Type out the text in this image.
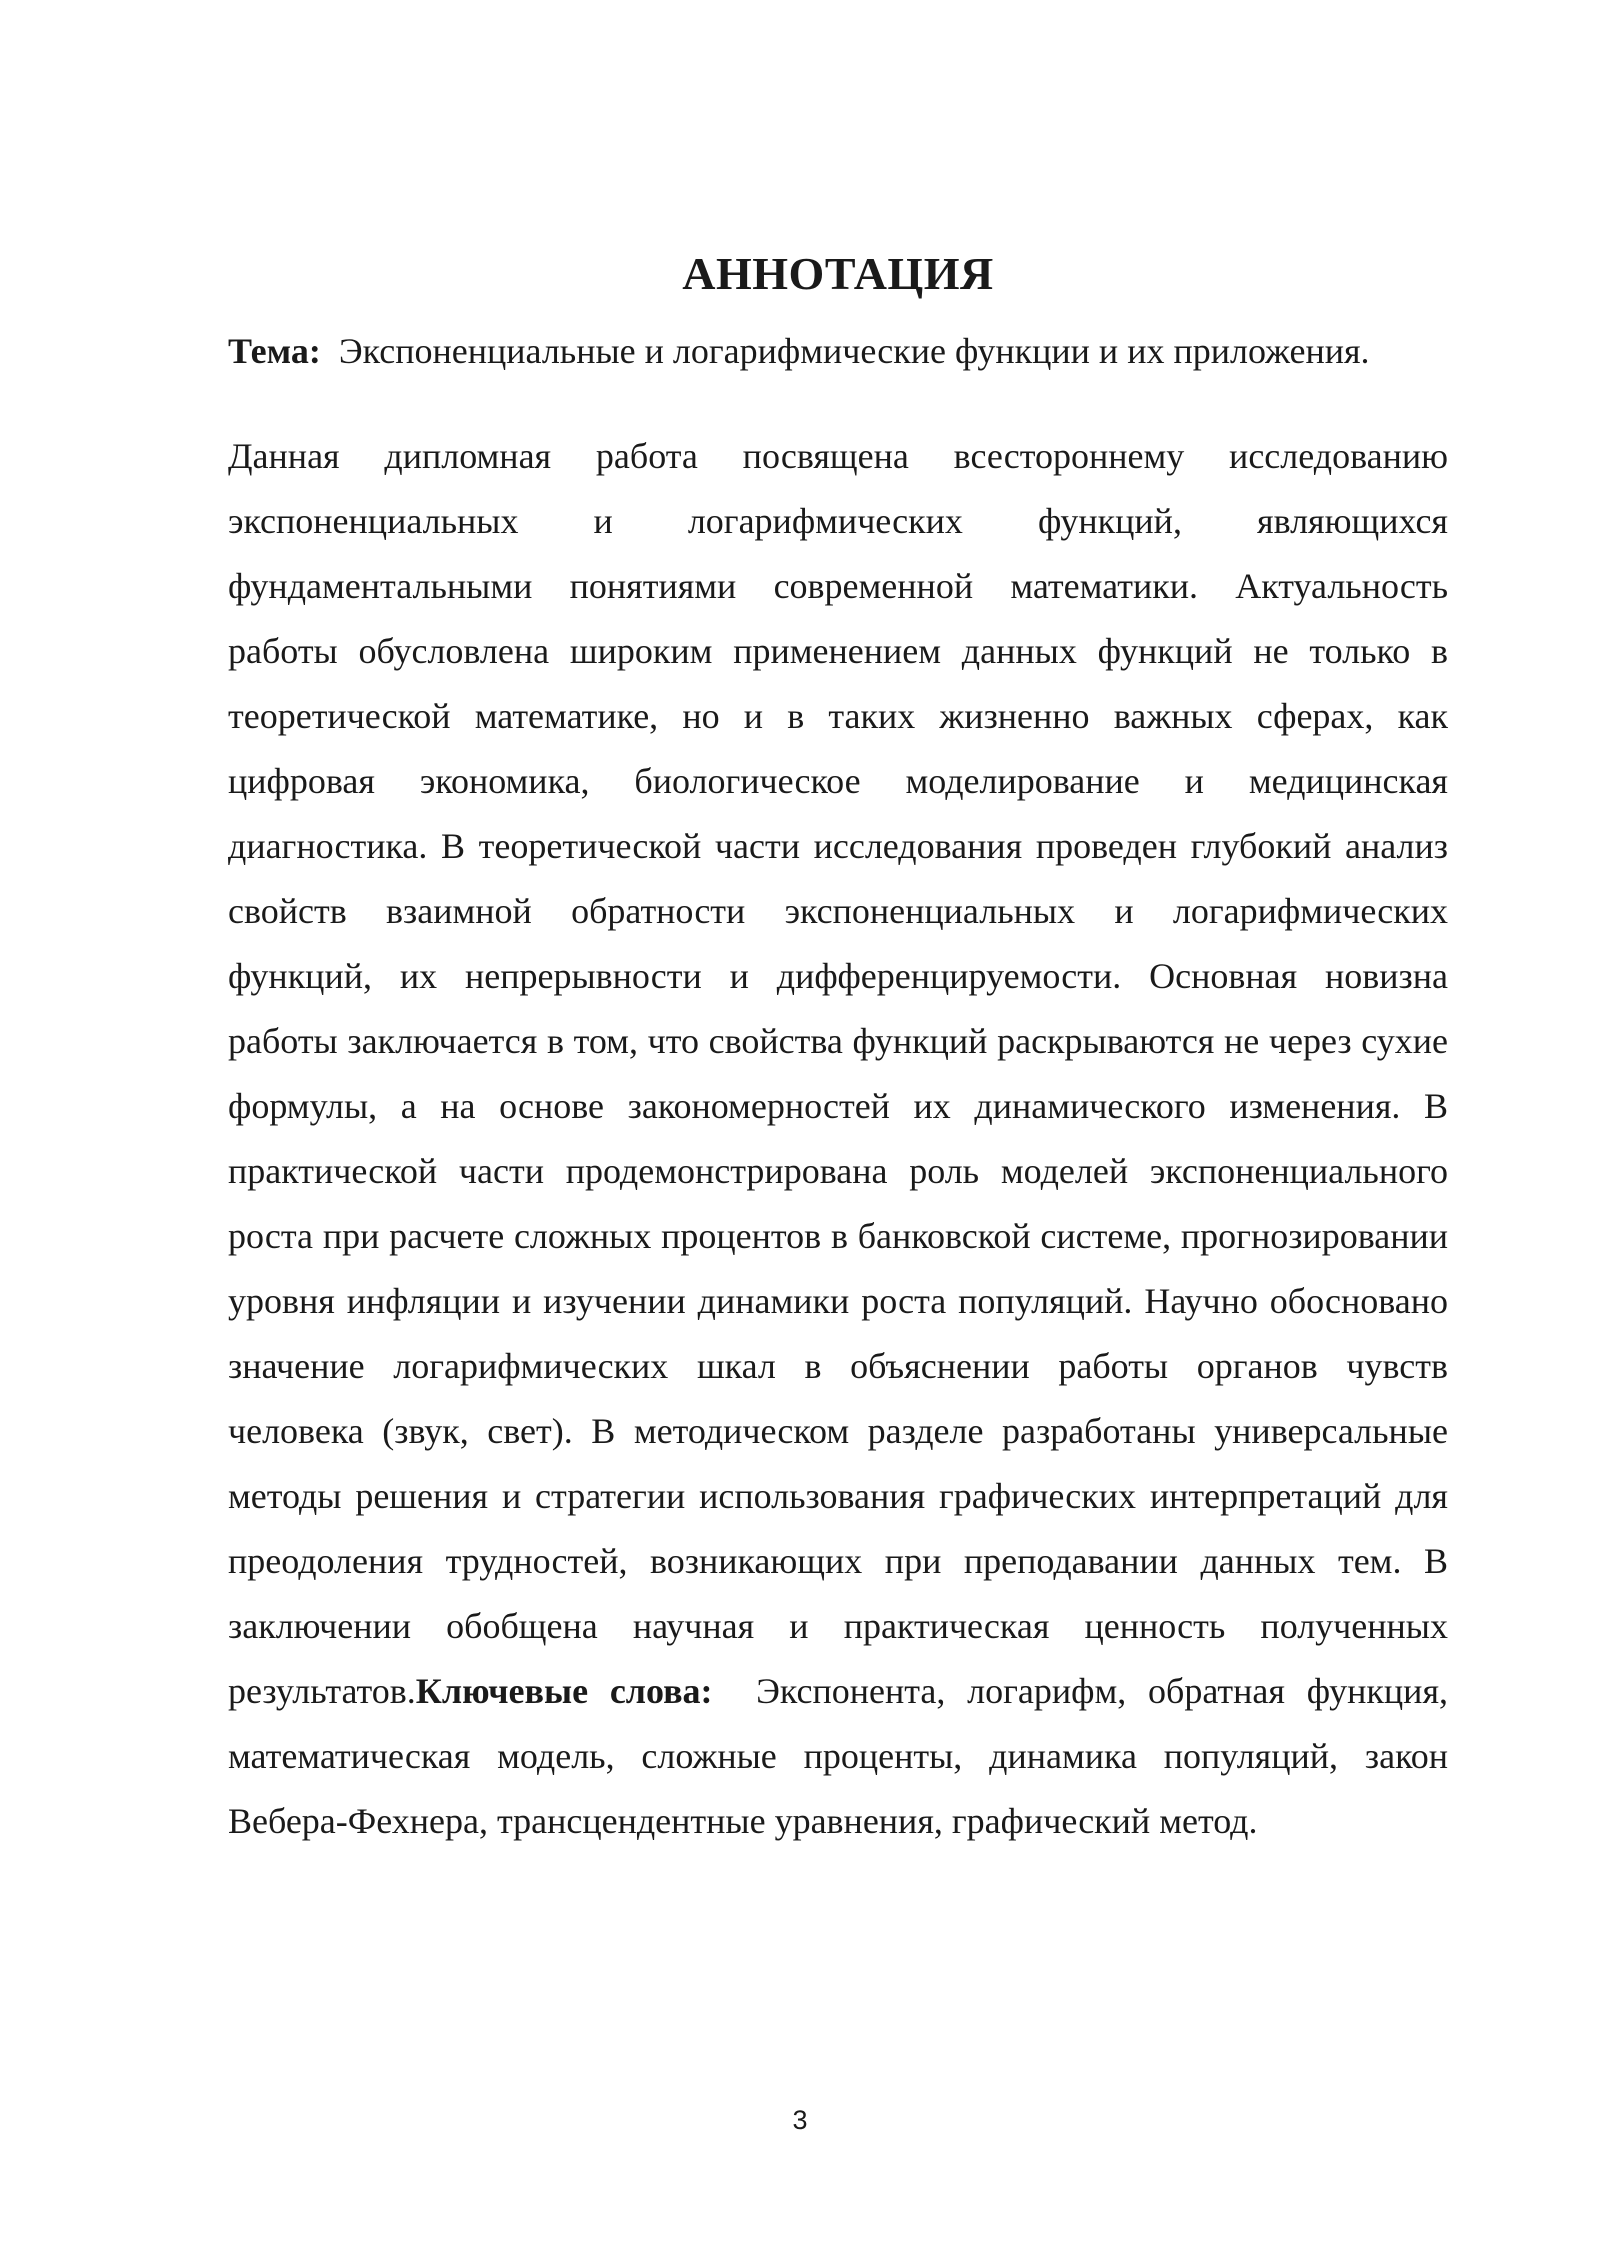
АННОТАЦИЯ

Тема: Экспоненциальные и логарифмические функции и их приложения.

Данная дипломная работа посвящена всестороннему исследованию экспоненциальных и логарифмических функций, являющихся фундаментальными понятиями современной математики. Актуальность работы обусловлена широким применением данных функций не только в теоретической математике, но и в таких жизненно важных сферах, как цифровая экономика, биологическое моделирование и медицинская диагностика. В теоретической части исследования проведен глубокий анализ свойств взаимной обратности экспоненциальных и логарифмических функций, их непрерывности и дифференцируемости. Основная новизна работы заключается в том, что свойства функций раскрываются не через сухие формулы, а на основе закономерностей их динамического изменения. В практической части продемонстрирована роль моделей экспоненциального роста при расчете сложных процентов в банковской системе, прогнозировании уровня инфляции и изучении динамики роста популяций. Научно обосновано значение логарифмических шкал в объяснении работы органов чувств человека (звук, свет). В методическом разделе разработаны универсальные методы решения и стратегии использования графических интерпретаций для преодоления трудностей, возникающих при преподавании данных тем. В заключении обобщена научная и практическая ценность полученных результатов.Ключевые слова: Экспонента, логарифм, обратная функция, математическая модель, сложные проценты, динамика популяций, закон Вебера-Фехнера, трансцендентные уравнения, графический метод.

3
